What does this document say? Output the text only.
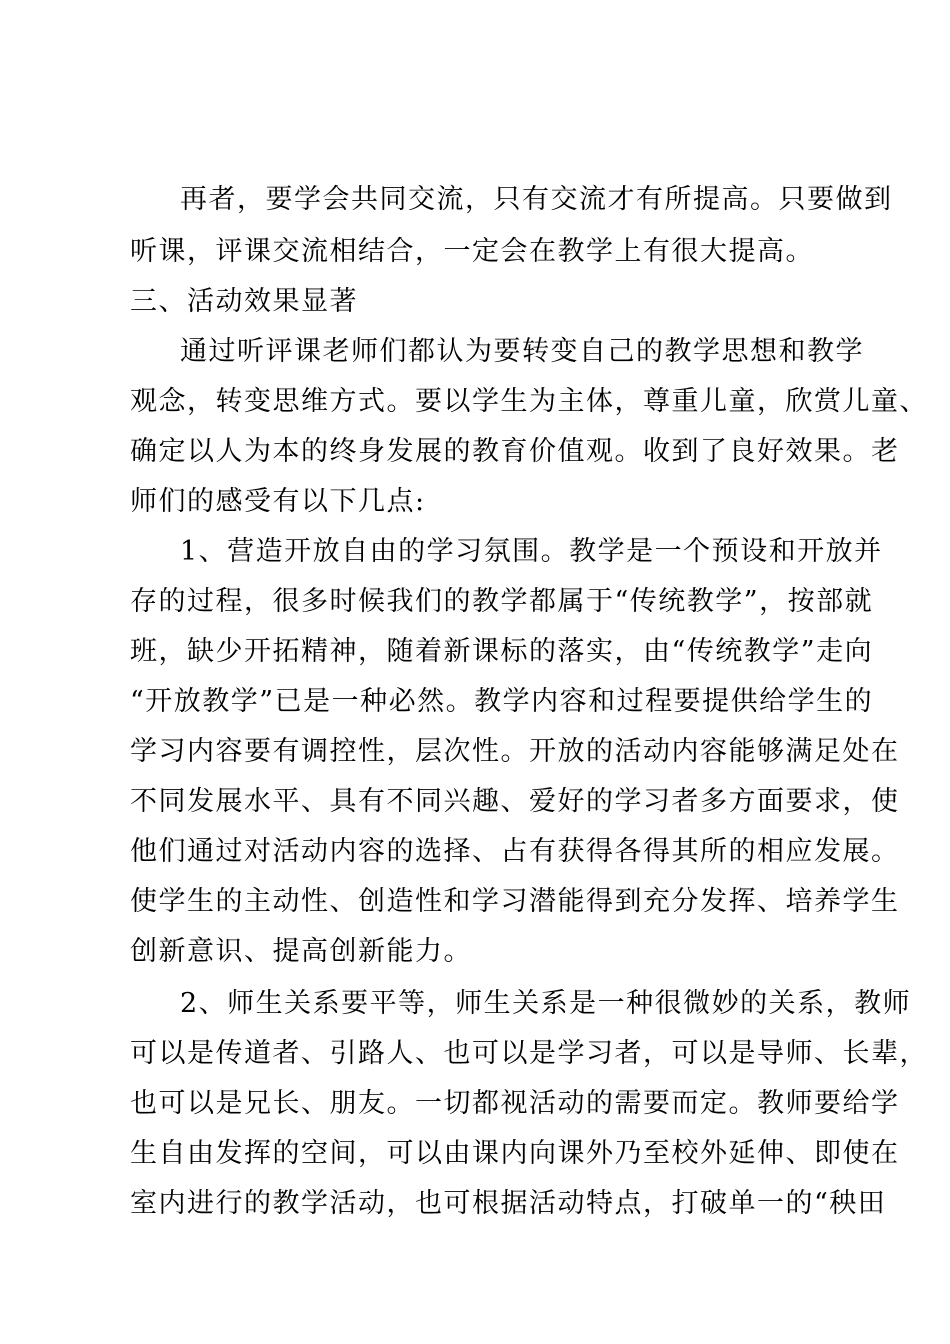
再者，要学会共同交流，只有交流才有所提高。只要做到
听课，评课交流相结合，一定会在教学上有很大提高。
三、活动效果显著
通过听评课老师们都认为要转变自己的教学思想和教学
观念，转变思维方式。要以学生为主体，尊重儿童，欣赏儿童、
确定以人为本的终身发展的教育价值观。收到了良好效果。老
师们的感受有以下几点:
1、营造开放自由的学习氛围。教学是一个预设和开放并
存的过程，很多时候我们的教学都属于“传统教学”，按部就
班，缺少开拓精神，随着新课标的落实，由“传统教学”走向
“开放教学”已是一种必然。教学内容和过程要提供给学生的
学习内容要有调控性，层次性。开放的活动内容能够满足处在
不同发展水平、具有不同兴趣、爱好的学习者多方面要求，使
他们通过对活动内容的选择、占有获得各得其所的相应发展。
使学生的主动性、创造性和学习潜能得到充分发挥、培养学生
创新意识、提高创新能力。
2、师生关系要平等，师生关系是一种很微妙的关系，教师
可以是传道者、引路人、也可以是学习者，可以是导师、长辈，
也可以是兄长、朋友。一切都视活动的需要而定。教师要给学
生自由发挥的空间，可以由课内向课外乃至校外延伸、即使在
室内进行的教学活动，也可根据活动特点，打破单一的“秧田
